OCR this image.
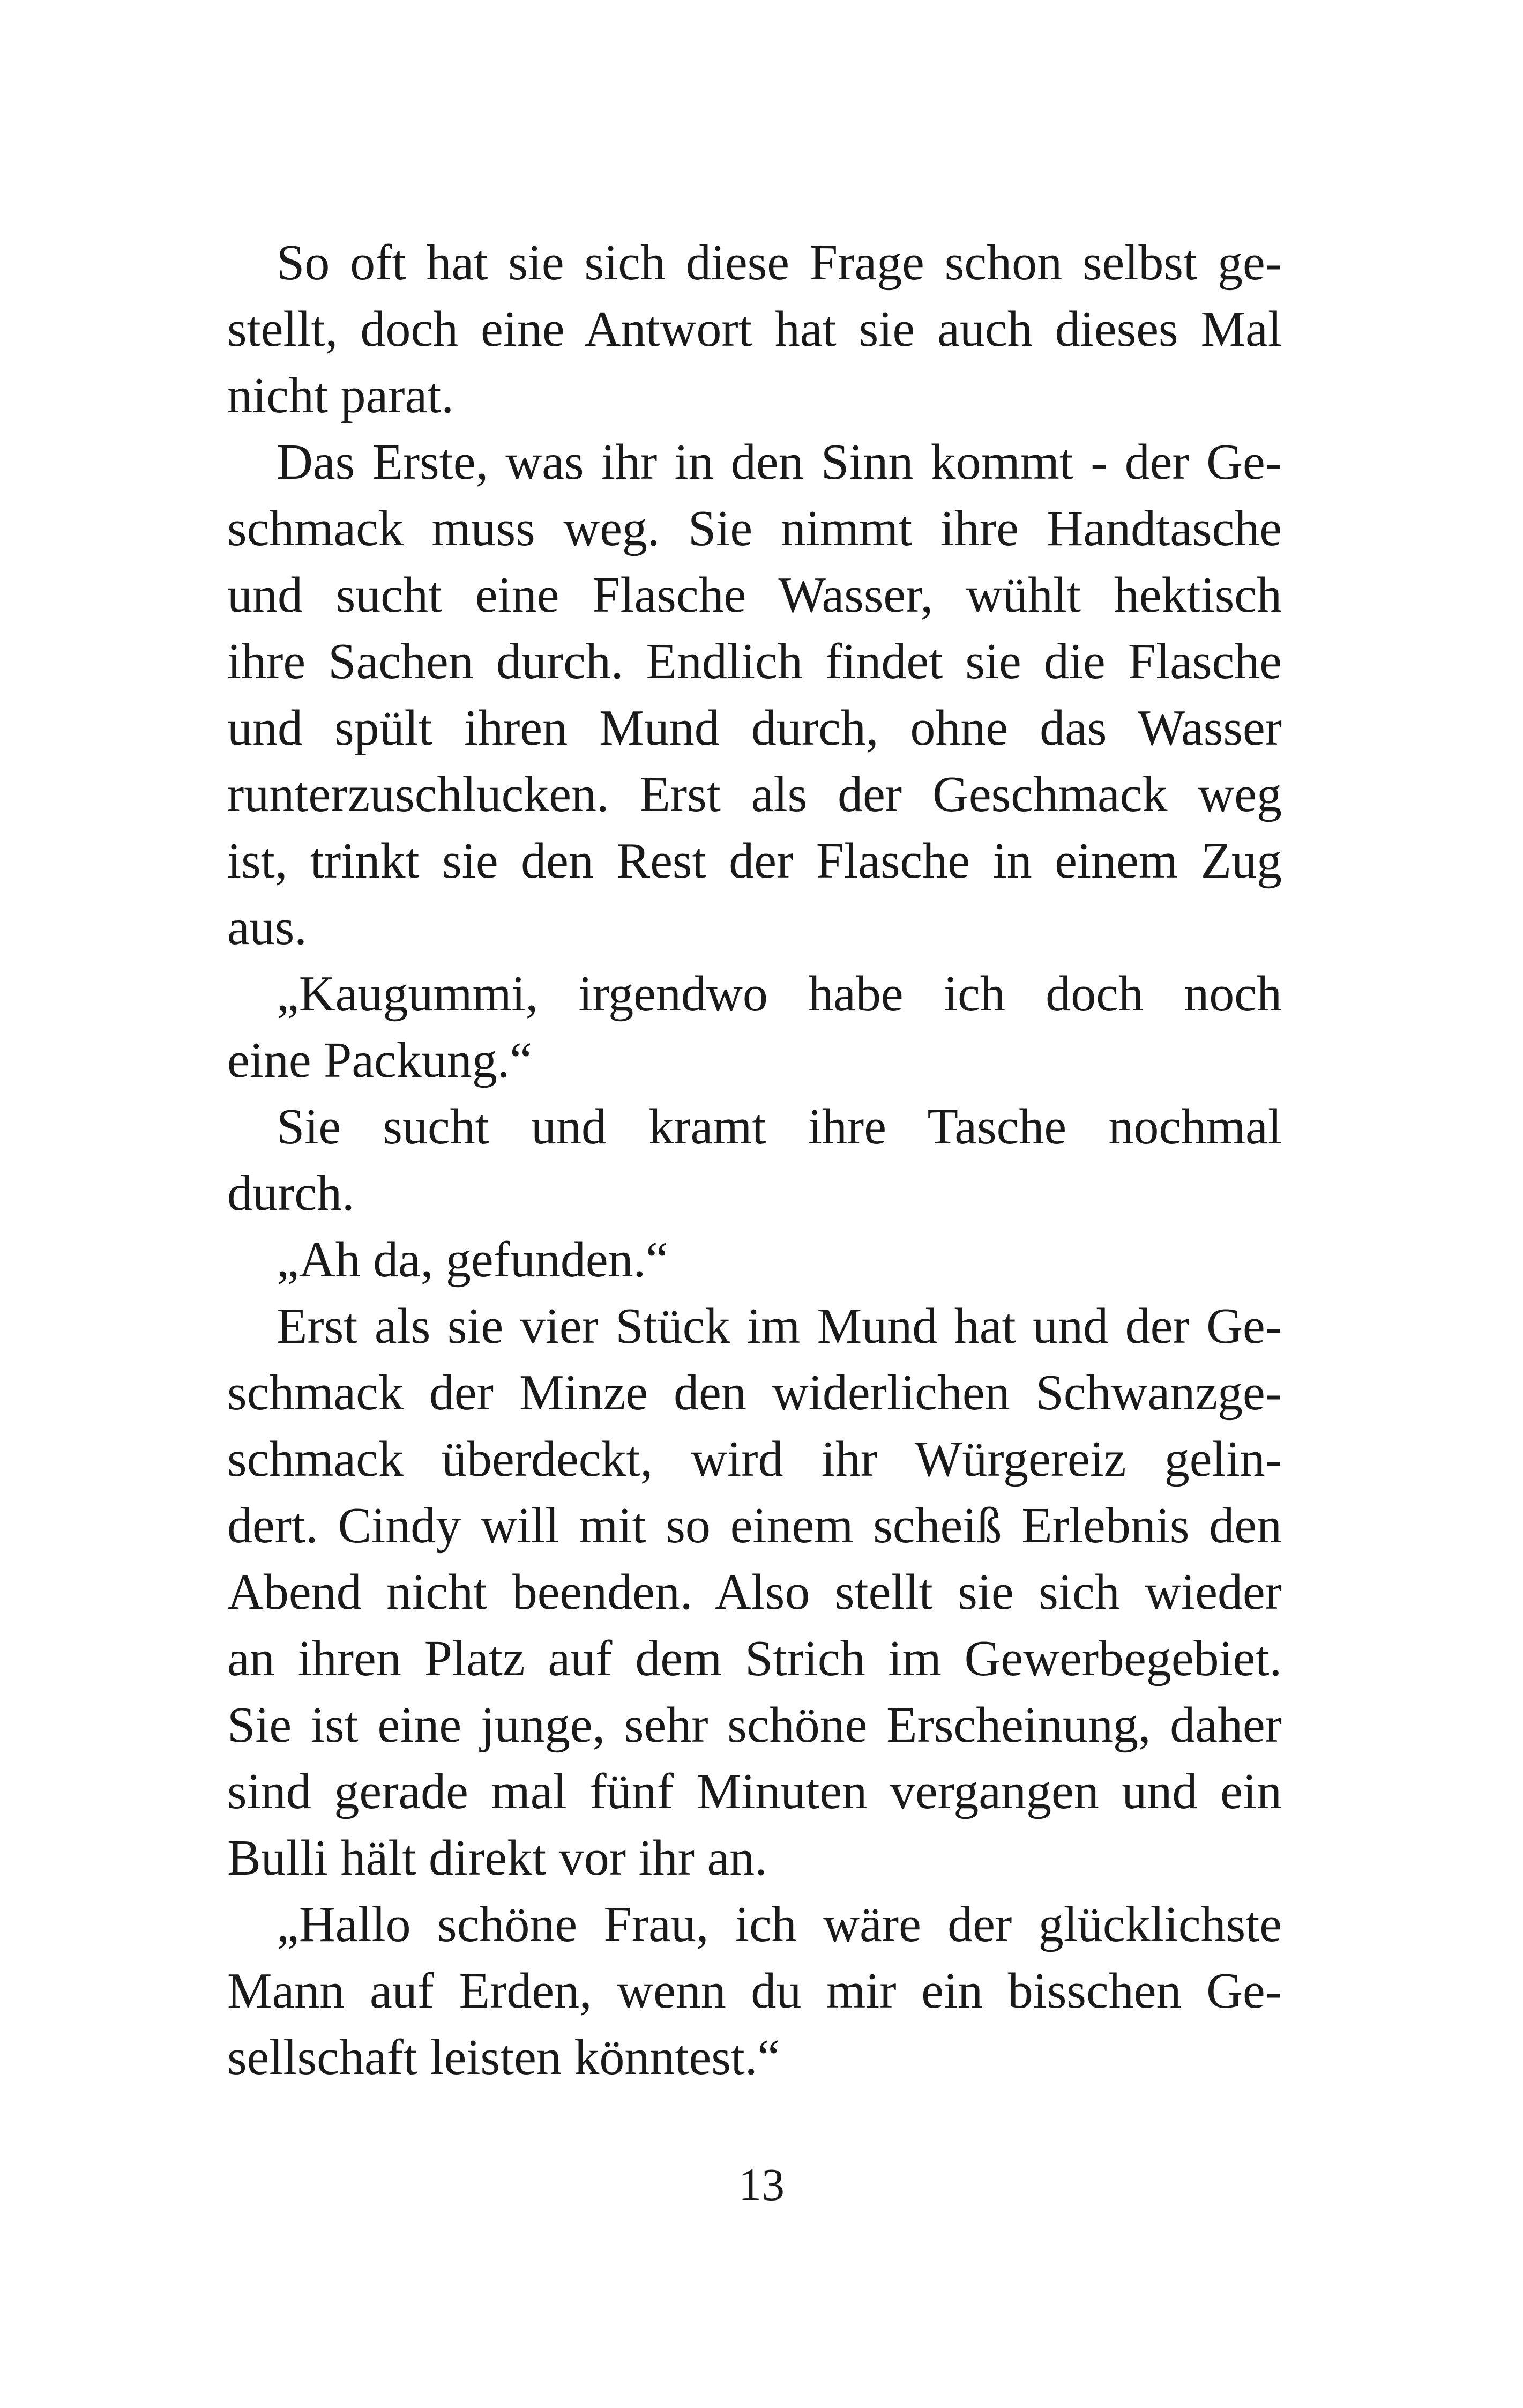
So oft hat sie sich diese Frage schon selbst ge-
stellt, doch eine Antwort hat sie auch dieses Mal
nicht parat.
Das Erste, was ihr in den Sinn kommt - der Ge-
schmack muss weg. Sie nimmt ihre Handtasche
und sucht eine Flasche Wasser, wühlt hektisch
ihre Sachen durch. Endlich findet sie die Flasche
und spült ihren Mund durch, ohne das Wasser
runterzuschlucken. Erst als der Geschmack weg
ist, trinkt sie den Rest der Flasche in einem Zug
aus.
„Kaugummi, irgendwo habe ich doch noch
eine Packung.“
Sie sucht und kramt ihre Tasche nochmal
durch.
„Ah da, gefunden.“
Erst als sie vier Stück im Mund hat und der Ge-
schmack der Minze den widerlichen Schwanzge-
schmack überdeckt, wird ihr Würgereiz gelin-
dert. Cindy will mit so einem scheiß Erlebnis den
Abend nicht beenden. Also stellt sie sich wieder
an ihren Platz auf dem Strich im Gewerbegebiet.
Sie ist eine junge, sehr schöne Erscheinung, daher
sind gerade mal fünf Minuten vergangen und ein
Bulli hält direkt vor ihr an.
„Hallo schöne Frau, ich wäre der glücklichste
Mann auf Erden, wenn du mir ein bisschen Ge-
sellschaft leisten könntest.“
13
